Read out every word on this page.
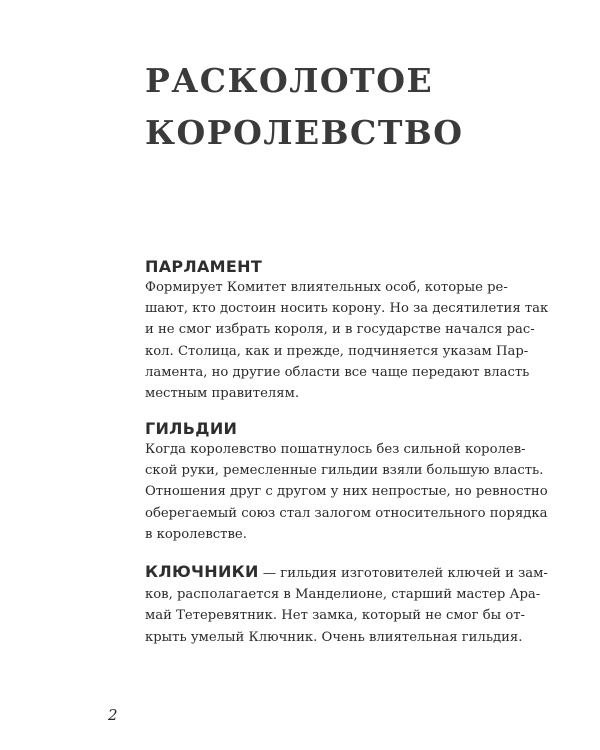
РАСКОЛОТОЕ
КОРОЛЕВСТВО
ПАРЛАМЕНТ

Формирует Комитет влиятельных особ, которые ре-

шают, кто достоин носить корону. Но за десятилетия так

и не смог избрать короля, и в государстве начался рас-

кол. Столица, как и прежде, подчиняется указам Пар-

ламента, но другие области все чаще передают власть

местным правителям.

ГИЛЬДИИ

Когда королевство пошатнулось без сильной королев-

ской руки, ремесленные гильдии взяли большую власть.

Отношения друг с другом у них непростые, но ревностно

оберегаемый союз стал залогом относительного порядка

в королевстве.

КЛЮЧНИКИ — гильдия изготовителей ключей и зам-

ков, располагается в Манделионе, старший мастер Ара-

май Тетеревятник. Нет замка, который не смог бы от-

крыть умелый Ключник. Очень влиятельная гильдия.

2
